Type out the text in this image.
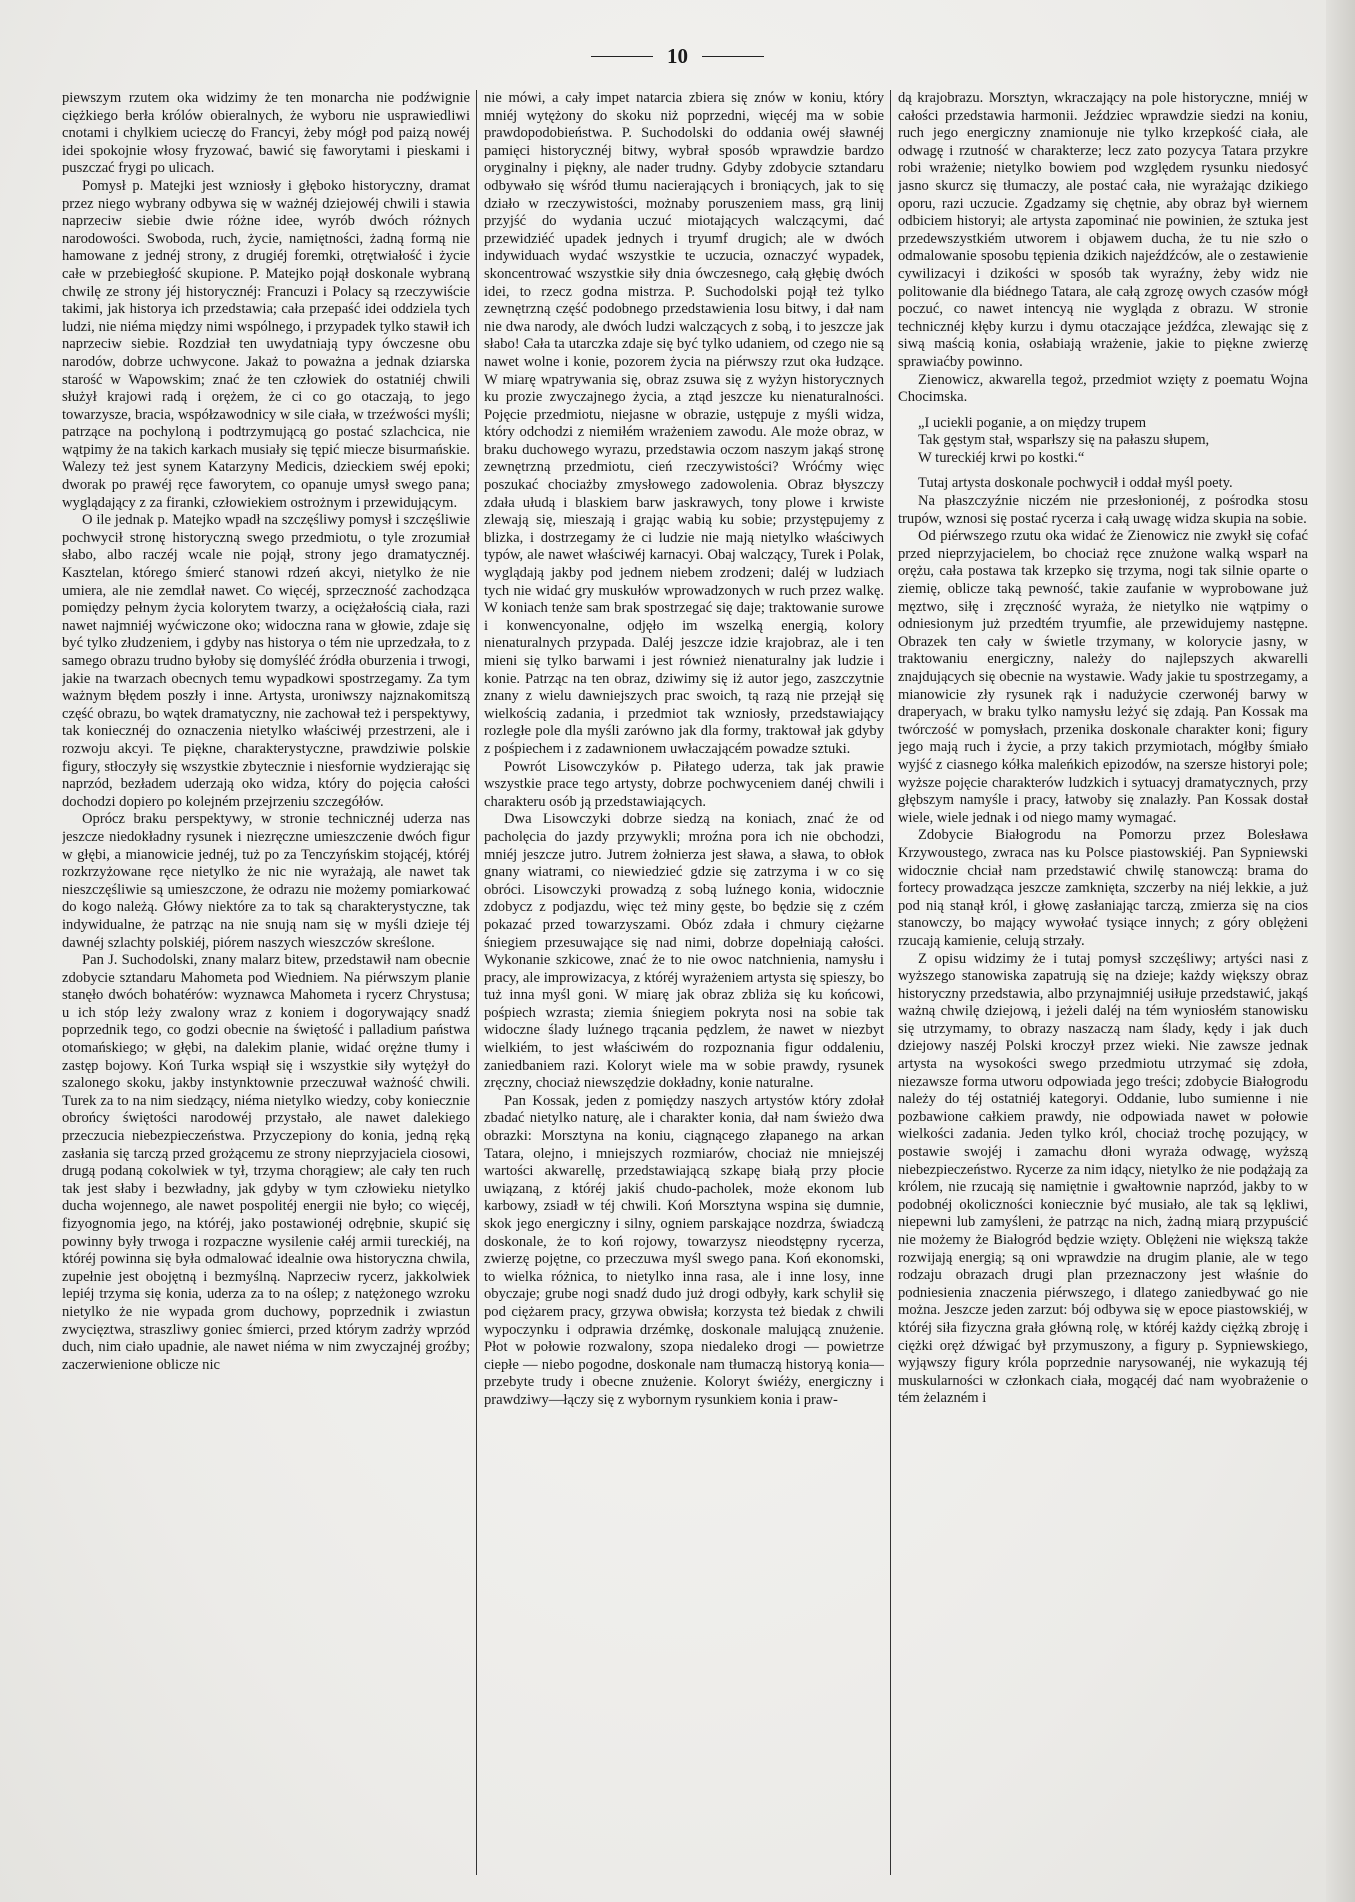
10

piewszym rzutem oka widzimy że ten monarcha nie podźwignie ciężkiego berła królów obieralnych, że wyboru nie usprawiedliwi cnotami i chylkiem ucieczę do Francyi, żeby mógł pod paizą nowéj idei spokojnie włosy fryzować, bawić się faworytami i pieskami i puszczać frygi po ulicach.

Pomysł p. Matejki jest wzniosły i głęboko historyczny, dramat przez niego wybrany odbywa się w ważnéj dziejowéj chwili i stawia naprzeciw siebie dwie różne idee, wyrób dwóch różnych narodowości. Swoboda, ruch, życie, namiętności, żadną formą nie hamowane z jednéj strony, z drugiéj foremki, otrętwiałość i życie całe w przebiegłość skupione. P. Matejko pojął doskonale wybraną chwilę ze strony jéj historycznéj: Francuzi i Polacy są rzeczywiście takimi, jak historya ich przedstawia; cała przepaść idei oddziela tych ludzi, nie niéma między nimi wspólnego, i przypadek tylko stawił ich naprzeciw siebie. Rozdział ten uwydatniają typy ówczesne obu narodów, dobrze uchwycone. Jakaż to poważna a jednak dziarska starość w Wapowskim; znać że ten człowiek do ostatniéj chwili służył krajowi radą i orężem, że ci co go otaczają, to jego towarzysze, bracia, współzawodnicy w sile ciała, w trzeźwości myśli; patrzące na pochyloną i podtrzymującą go postać szlachcica, nie wątpimy że na takich karkach musiały się tępić miecze bisurmańskie. Walezy też jest synem Katarzyny Medicis, dzieckiem swéj epoki; dworak po prawéj ręce faworytem, co opanuje umysł swego pana; wyglądający z za firanki, człowiekiem ostrożnym i przewidującym.

O ile jednak p. Matejko wpadł na szczęśliwy pomysł i szczęśliwie pochwycił stronę historyczną swego przedmiotu, o tyle zrozumiał słabo, albo raczéj wcale nie pojął, strony jego dramatycznéj. Kasztelan, którego śmierć stanowi rdzeń akcyi, nietylko że nie umiera, ale nie zemdlał nawet. Co więcéj, sprzeczność zachodząca pomiędzy pełnym życia kolorytem twarzy, a ociężałością ciała, razi nawet najmniéj wyćwiczone oko; widoczna rana w głowie, zdaje się być tylko złudzeniem, i gdyby nas historya o tém nie uprzedzała, to z samego obrazu trudno byłoby się domyśléć źródła oburzenia i trwogi, jakie na twarzach obecnych temu wypadkowi spostrzegamy. Za tym ważnym błędem poszły i inne. Artysta, uroniwszy najznakomitszą część obrazu, bo wątek dramatyczny, nie zachował też i perspektywy, tak koniecznéj do oznaczenia nietylko właściwéj przestrzeni, ale i rozwoju akcyi. Te piękne, charakterystyczne, prawdziwie polskie figury, stłoczyły się wszystkie zbytecznie i niesfornie wydzierając się naprzód, bezładem uderzają oko widza, który do pojęcia całości dochodzi dopiero po kolejném przejrzeniu szczegółów.

Oprócz braku perspektywy, w stronie technicznéj uderza nas jeszcze niedokładny rysunek i niezręczne umieszczenie dwóch figur w głębi, a mianowicie jednéj, tuż po za Tenczyńskim stojącéj, któréj rozkrzyżowane ręce nietylko że nic nie wyrażają, ale nawet tak nieszczęśliwie są umieszczone, że odrazu nie możemy pomiarkować do kogo należą. Główy niektóre za to tak są charakterystyczne, tak indywidualne, że patrząc na nie snują nam się w myśli dzieje téj dawnéj szlachty polskiéj, piórem naszych wieszczów skreślone.

Pan J. Suchodolski, znany malarz bitew, przedstawił nam obecnie zdobycie sztandaru Mahometa pod Wiedniem. Na piérwszym planie stanęło dwóch bohatérów: wyznawca Mahometa i rycerz Chrystusa; u ich stóp leży zwalony wraz z koniem i dogorywający snadź poprzednik tego, co godzi obecnie na świętość i palladium państwa otomańskiego; w głębi, na dalekim planie, widać orężne tłumy i zastęp bojowy. Koń Turka wspiął się i wszystkie siły wytężył do szalonego skoku, jakby instynktownie przeczuwał ważność chwili. Turek za to na nim siedzący, niéma nietylko wiedzy, coby koniecznie obrońcy świętości narodowéj przystało, ale nawet dalekiego przeczucia niebezpieczeństwa. Przyczepiony do konia, jedną ręką zasłania się tarczą przed grożącemu ze strony nieprzyjaciela ciosowi, drugą podaną cokolwiek w tył, trzyma chorągiew; ale cały ten ruch tak jest słaby i bezwładny, jak gdyby w tym człowieku nietylko ducha wojennego, ale nawet pospolitéj energii nie było; co więcéj, fizyognomia jego, na któréj, jako postawionéj odrębnie, skupić się powinny były trwoga i rozpaczne wysilenie całéj armii tureckiéj, na któréj powinna się była odmalować idealnie owa historyczna chwila, zupełnie jest obojętną i bezmyślną. Naprzeciw rycerz, jakkolwiek lepiéj trzyma się konia, uderza za to na oślep; z natężonego wzroku nietylko że nie wypada grom duchowy, poprzednik i zwiastun zwycięztwa, straszliwy goniec śmierci, przed którym zadrży wprzód duch, nim ciało upadnie, ale nawet niéma w nim zwyczajnéj groźby; zaczerwienione oblicze nic

nie mówi, a cały impet natarcia zbiera się znów w koniu, który mniéj wytężony do skoku niż poprzedni, więcéj ma w sobie prawdopodobieństwa. P. Suchodolski do oddania owéj sławnéj pamięci historycznéj bitwy, wybrał sposób wprawdzie bardzo oryginalny i piękny, ale nader trudny. Gdyby zdobycie sztandaru odbywało się wśród tłumu nacierających i broniących, jak to się działo w rzeczywistości, możnaby poruszeniem mass, grą linij przyjść do wydania uczuć miotających walczącymi, dać przewidziéć upadek jednych i tryumf drugich; ale w dwóch indywiduach wydać wszystkie te uczucia, oznaczyć wypadek, skoncentrować wszystkie siły dnia ówczesnego, całą głębię dwóch idei, to rzecz godna mistrza. P. Suchodolski pojął też tylko zewnętrzną część podobnego przedstawienia losu bitwy, i dał nam nie dwa narody, ale dwóch ludzi walczących z sobą, i to jeszcze jak słabo! Cała ta utarczka zdaje się być tylko udaniem, od czego nie są nawet wolne i konie, pozorem życia na piérwszy rzut oka łudzące. W miarę wpatrywania się, obraz zsuwa się z wyżyn historycznych ku prozie zwyczajnego życia, a ztąd jeszcze ku nienaturalności. Pojęcie przedmiotu, niejasne w obrazie, ustępuje z myśli widza, który odchodzi z niemiłém wrażeniem zawodu. Ale może obraz, w braku duchowego wyrazu, przedstawia oczom naszym jakąś stronę zewnętrzną przedmiotu, cień rzeczywistości? Wróćmy więc poszukać chociażby zmysłowego zadowolenia. Obraz błyszczy zdała ułudą i blaskiem barw jaskrawych, tony plowe i krwiste zlewają się, mieszają i grając wabią ku sobie; przystępujemy z blizka, i dostrzegamy że ci ludzie nie mają nietylko właściwych typów, ale nawet właściwéj karnacyi. Obaj walczący, Turek i Polak, wyglądają jakby pod jednem niebem zrodzeni; daléj w ludziach tych nie widać gry muskułów wprowadzonych w ruch przez walkę. W koniach tenże sam brak spostrzegać się daje; traktowanie surowe i konwencyonalne, odjęło im wszelką energią, kolory nienaturalnych przypada. Daléj jeszcze idzie krajobraz, ale i ten mieni się tylko barwami i jest również nienaturalny jak ludzie i konie. Patrząc na ten obraz, dziwimy się iż autor jego, zaszczytnie znany z wielu dawniejszych prac swoich, tą razą nie przejął się wielkością zadania, i przedmiot tak wzniosły, przedstawiający rozległe pole dla myśli zarówno jak dla formy, traktował jak gdyby z pośpiechem i z zadawnionem uwłaczającém powadze sztuki.

Powrót Lisowczyków p. Piłatego uderza, tak jak prawie wszystkie prace tego artysty, dobrze pochwyceniem danéj chwili i charakteru osób ją przedstawiających.

Dwa Lisowczyki dobrze siedzą na koniach, znać że od pacholęcia do jazdy przywykli; mroźna pora ich nie obchodzi, mniéj jeszcze jutro. Jutrem żołnierza jest sława, a sława, to obłok gnany wiatrami, co niewiedzieć gdzie się zatrzyma i w co się obróci. Lisowczyki prowadzą z sobą luźnego konia, widocznie zdobycz z podjazdu, więc też miny gęste, bo będzie się z czém pokazać przed towarzyszami. Obóz zdała i chmury ciężarne śniegiem przesuwające się nad nimi, dobrze dopełniają całości. Wykonanie szkicowe, znać że to nie owoc natchnienia, namysłu i pracy, ale improwizacya, z któréj wyrażeniem artysta się spieszy, bo tuż inna myśl goni. W miarę jak obraz zbliża się ku końcowi, pośpiech wzrasta; ziemia śniegiem pokryta nosi na sobie tak widoczne ślady luźnego trącania pędzlem, że nawet w niezbyt wielkiém, to jest właściwém do rozpoznania figur oddaleniu, zaniedbaniem razi. Koloryt wiele ma w sobie prawdy, rysunek zręczny, chociaż niewszędzie dokładny, konie naturalne.

Pan Kossak, jeden z pomiędzy naszych artystów który zdołał zbadać nietylko naturę, ale i charakter konia, dał nam świeżo dwa obrazki: Morsztyna na koniu, ciągnącego złapanego na arkan Tatara, olejno, i mniejszych rozmiarów, chociaż nie mniejszéj wartości akwarellę, przedstawiającą szkapę białą przy płocie uwiązaną, z któréj jakiś chudo-pacholek, może ekonom lub karbowy, zsiadł w téj chwili. Koń Morsztyna wspina się dumnie, skok jego energiczny i silny, ogniem parskające nozdrza, świadczą doskonale, że to koń rojowy, towarzysz nieodstępny rycerza, zwierzę pojętne, co przeczuwa myśl swego pana. Koń ekonomski, to wielka różnica, to nietylko inna rasa, ale i inne losy, inne obyczaje; grube nogi snadź dudo już drogi odbyły, kark schylił się pod ciężarem pracy, grzywa obwisła; korzysta też biedak z chwili wypoczynku i odprawia drzémkę, doskonale malującą znużenie. Płot w połowie rozwalony, szopa niedaleko drogi — powietrze ciepłe — niebo pogodne, doskonale nam tłumaczą historyą konia—przebyte trudy i obecne znużenie. Koloryt świéży, energiczny i prawdziwy—łączy się z wybornym rysunkiem konia i praw-

dą krajobrazu. Morsztyn, wkraczający na pole historyczne, mniéj w całości przedstawia harmonii. Jeździec wprawdzie siedzi na koniu, ruch jego energiczny znamionuje nie tylko krzepkość ciała, ale odwagę i rzutność w charakterze; lecz zato pozycya Tatara przykre robi wrażenie; nietylko bowiem pod względem rysunku niedosyć jasno skurcz się tłumaczy, ale postać cała, nie wyrażając dzikiego oporu, razi uczucie. Zgadzamy się chętnie, aby obraz był wiernem odbiciem historyi; ale artysta zapominać nie powinien, że sztuka jest przedewszystkiém utworem i objawem ducha, że tu nie szło o odmalowanie sposobu tępienia dzikich najeźdźców, ale o zestawienie cywilizacyi i dzikości w sposób tak wyraźny, żeby widz nie politowanie dla biédnego Tatara, ale całą zgrozę owych czasów mógł poczuć, co nawet intencyą nie wygląda z obrazu. W stronie technicznéj kłęby kurzu i dymu otaczające jeźdźca, zlewając się z siwą maścią konia, osłabiają wrażenie, jakie to piękne zwierzę sprawiaćby powinno.

Zienowicz, akwarella tegoż, przedmiot wzięty z poematu Wojna Chocimska.

„I uciekli poganie, a on między trupem
Tak gęstym stał, wsparłszy się na pałaszu słupem,
W tureckiéj krwi po kostki.“

Tutaj artysta doskonale pochwycił i oddał myśl poety.

Na płaszczyźnie niczém nie przesłonionéj, z pośrodka stosu trupów, wznosi się postać rycerza i całą uwagę widza skupia na sobie.

Od piérwszego rzutu oka widać że Zienowicz nie zwykł się cofać przed nieprzyjacielem, bo chociaż ręce znużone walką wsparł na orężu, cała postawa tak krzepko się trzyma, nogi tak silnie oparte o ziemię, oblicze taką pewność, takie zaufanie w wyprobowane już męztwo, siłę i zręczność wyraża, że nietylko nie wątpimy o odniesionym już przedtém tryumfie, ale przewidujemy następne. Obrazek ten cały w świetle trzymany, w kolorycie jasny, w traktowaniu energiczny, należy do najlepszych akwarelli znajdujących się obecnie na wystawie. Wady jakie tu spostrzegamy, a mianowicie zły rysunek rąk i nadużycie czerwonéj barwy w draperyach, w braku tylko namysłu leżyć się zdają. Pan Kossak ma twórczość w pomysłach, przenika doskonale charakter koni; figury jego mają ruch i życie, a przy takich przymiotach, mógłby śmiało wyjść z ciasnego kółka maleńkich epizodów, na szersze historyi pole; wyższe pojęcie charakterów ludzkich i sytuacyj dramatycznych, przy głębszym namyśle i pracy, łatwoby się znalazły. Pan Kossak dostał wiele, wiele jednak i od niego mamy wymagać.

Zdobycie Białogrodu na Pomorzu przez Bolesława Krzywoustego, zwraca nas ku Polsce piastowskiéj. Pan Sypniewski widocznie chciał nam przedstawić chwilę stanowczą: brama do fortecy prowadząca jeszcze zamknięta, szczerby na niéj lekkie, a już pod nią stanął król, i głowę zasłaniając tarczą, zmierza się na cios stanowczy, bo mający wywołać tysiące innych; z góry oblężeni rzucają kamienie, celują strzały.

Z opisu widzimy że i tutaj pomysł szczęśliwy; artyści nasi z wyższego stanowiska zapatrują się na dzieje; każdy większy obraz historyczny przedstawia, albo przynajmniéj usiłuje przedstawić, jakąś ważną chwilę dziejową, i jeżeli daléj na tém wyniosłém stanowisku się utrzymamy, to obrazy naszaczą nam ślady, kędy i jak duch dziejowy naszéj Polski kroczył przez wieki. Nie zawsze jednak artysta na wysokości swego przedmiotu utrzymać się zdoła, niezawsze forma utworu odpowiada jego treści; zdobycie Białogrodu należy do téj ostatniéj kategoryi. Oddanie, lubo sumienne i nie pozbawione całkiem prawdy, nie odpowiada nawet w połowie wielkości zadania. Jeden tylko król, chociaż trochę pozujący, w postawie swojéj i zamachu dłoni wyraża odwagę, wyższą niebezpieczeństwo. Rycerze za nim idący, nietylko że nie podążają za królem, nie rzucają się namiętnie i gwałtownie naprzód, jakby to w podobnéj okoliczności koniecznie być musiało, ale tak są lękliwi, niepewni lub zamyśleni, że patrząc na nich, żadną miarą przypuścić nie możemy że Białogród będzie wzięty. Oblężeni nie większą także rozwijają energią; są oni wprawdzie na drugim planie, ale w tego rodzaju obrazach drugi plan przeznaczony jest właśnie do podniesienia znaczenia piérwszego, i dlatego zaniedbywać go nie można. Jeszcze jeden zarzut: bój odbywa się w epoce piastowskiéj, w któréj siła fizyczna grała główną rolę, w któréj każdy ciężką zbroję i ciężki oręż dźwigać był przymuszony, a figury p. Sypniewskiego, wyjąwszy figury króla poprzednie narysowanéj, nie wykazują téj muskularności w członkach ciała, mogącéj dać nam wyobrażenie o tém żelazném i
